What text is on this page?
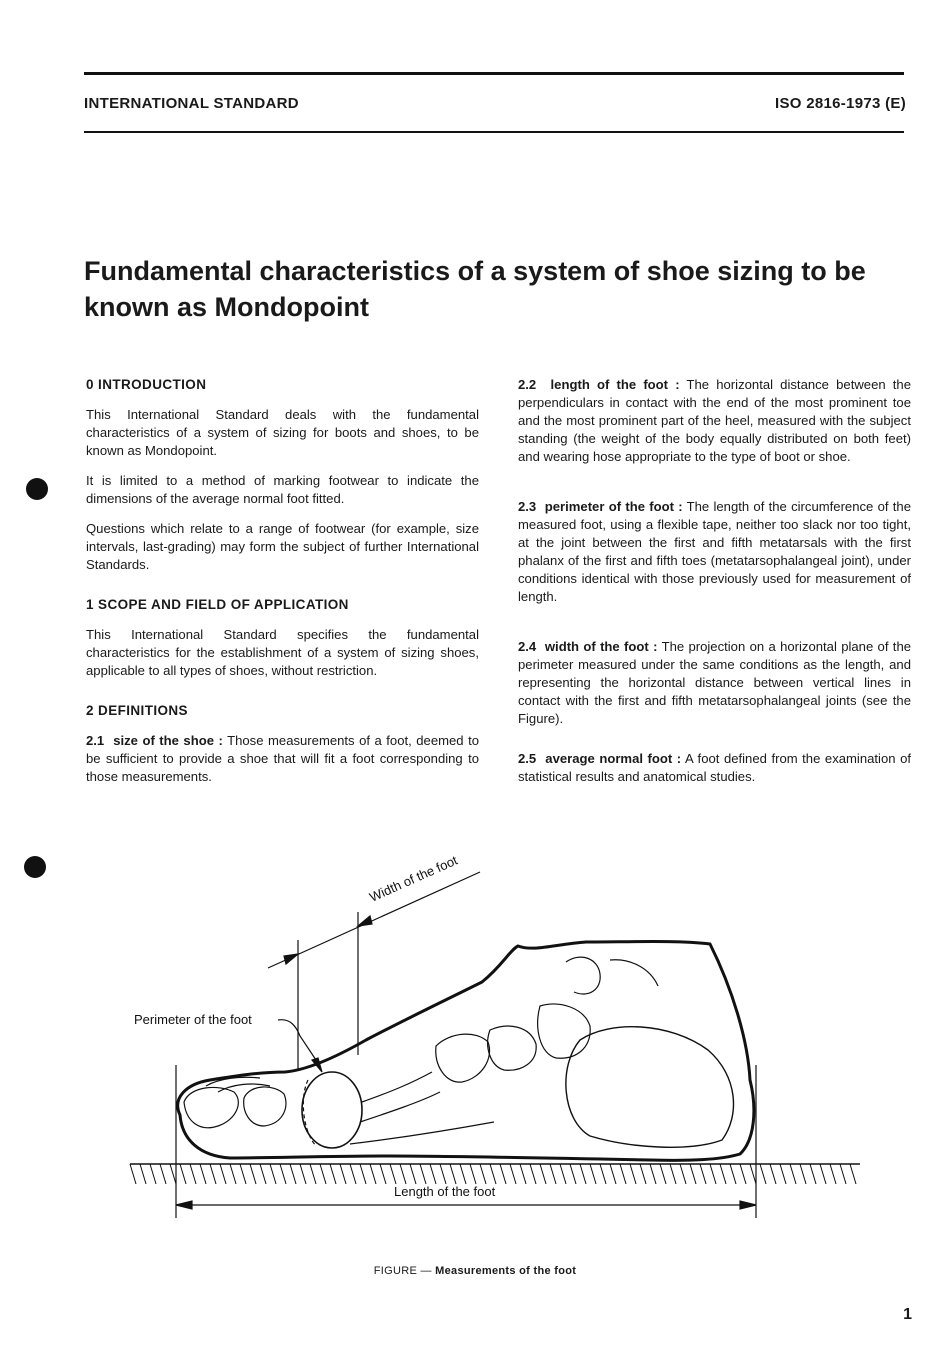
INTERNATIONAL STANDARD	ISO 2816-1973 (E)
Fundamental characteristics of a system of shoe sizing to be known as Mondopoint
0 INTRODUCTION

This International Standard deals with the fundamental characteristics of a system of sizing for boots and shoes, to be known as Mondopoint.

It is limited to a method of marking footwear to indicate the dimensions of the average normal foot fitted.

Questions which relate to a range of footwear (for example, size intervals, last-grading) may form the subject of further International Standards.

1 SCOPE AND FIELD OF APPLICATION

This International Standard specifies the fundamental characteristics for the establishment of a system of sizing shoes, applicable to all types of shoes, without restriction.

2 DEFINITIONS

2.1 size of the shoe : Those measurements of a foot, deemed to be sufficient to provide a shoe that will fit a foot corresponding to those measurements.

2.2 length of the foot : The horizontal distance between the perpendiculars in contact with the end of the most prominent toe and the most prominent part of the heel, measured with the subject standing (the weight of the body equally distributed on both feet) and wearing hose appropriate to the type of boot or shoe.

2.3 perimeter of the foot : The length of the circumference of the measured foot, using a flexible tape, neither too slack nor too tight, at the joint between the first and fifth metatarsals with the first phalanx of the first and fifth toes (metatarsophalangeal joint), under conditions identical with those previously used for measurement of length.

2.4 width of the foot : The projection on a horizontal plane of the perimeter measured under the same conditions as the length, and representing the horizontal distance between vertical lines in contact with the first and fifth metatarsophalangeal joints (see the Figure).

2.5 average normal foot : A foot defined from the examination of statistical results and anatomical studies.

Width of the foot
Perimeter of the foot
Length of the foot
FIGURE — Measurements of the foot
1
